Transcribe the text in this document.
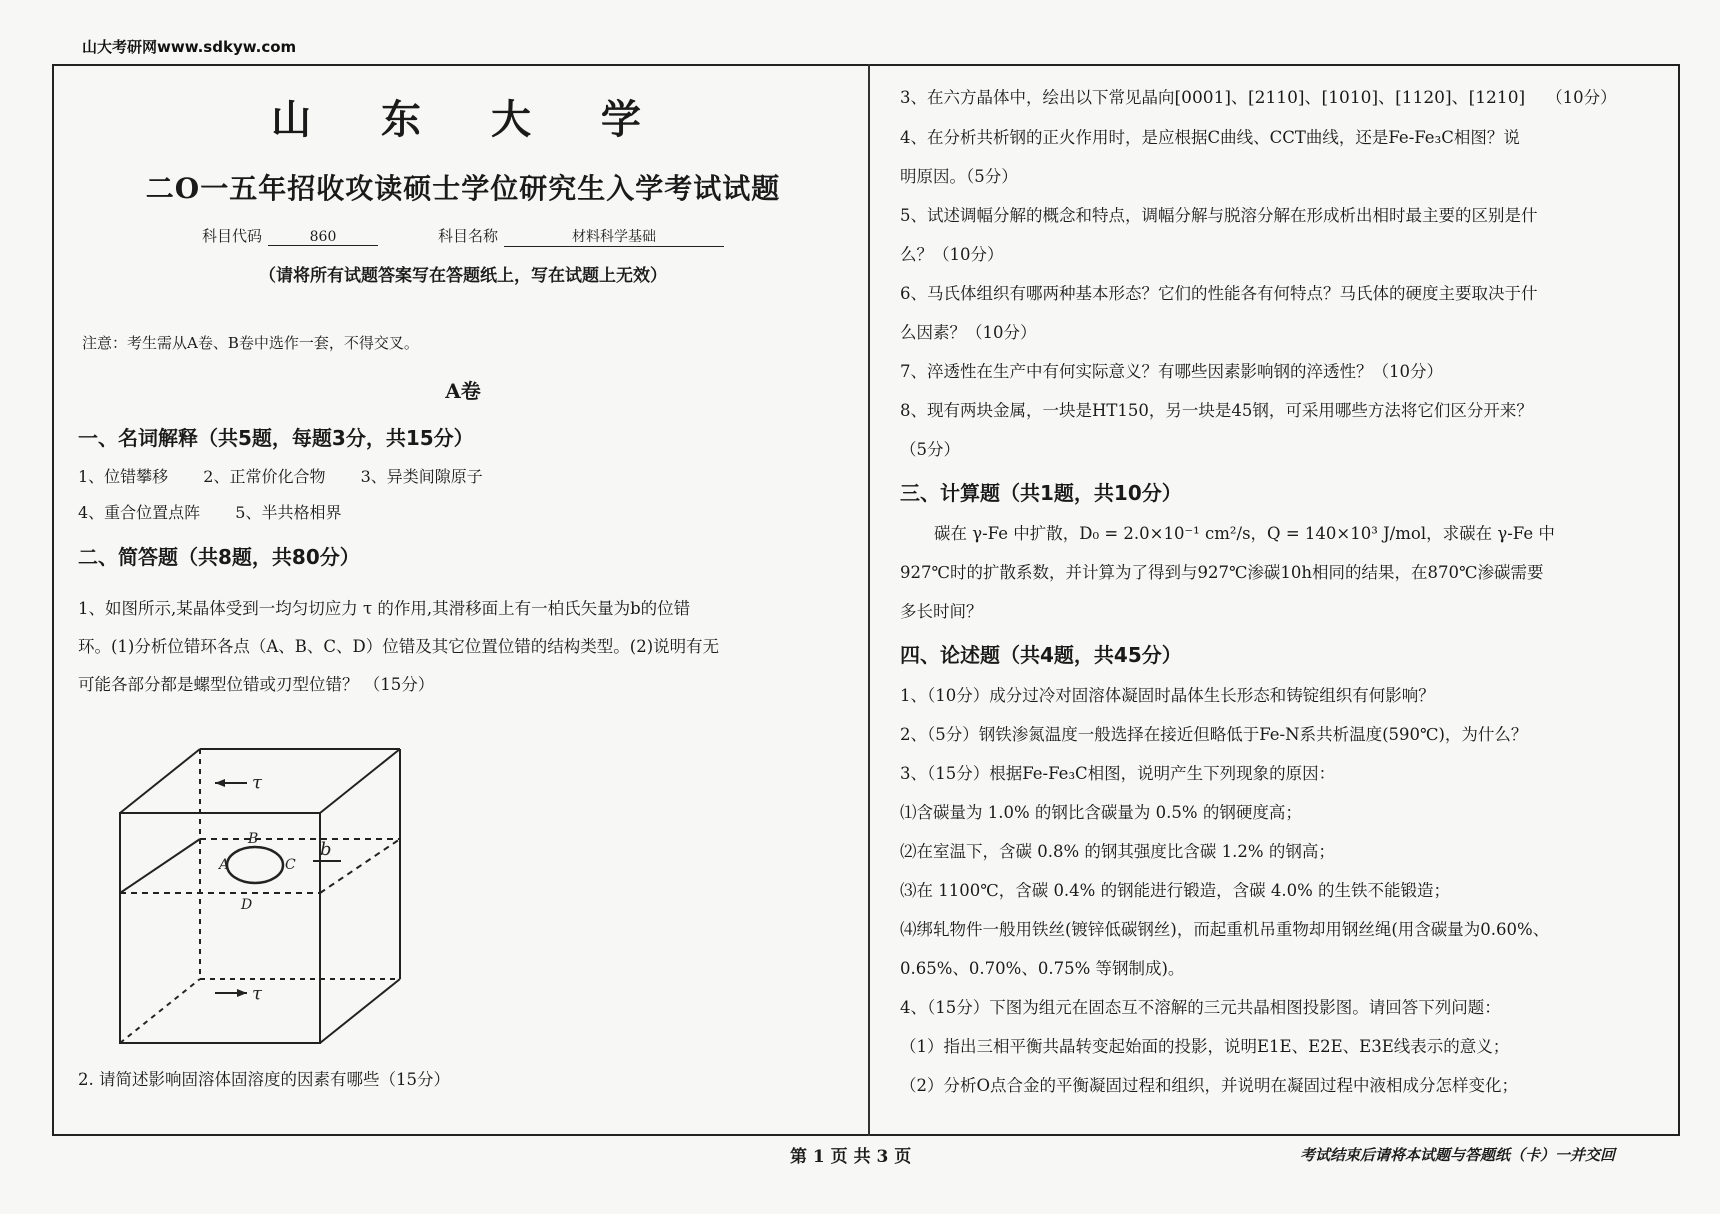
山大考研网www.sdkyw.com
山 东 大 学
二O一五年招收攻读硕士学位研究生入学考试试题
科目代码	860	科目名称	材料科学基础
（请将所有试题答案写在答题纸上，写在试题上无效）
注意：考生需从A卷、B卷中选作一套，不得交叉。
A卷
一、名词解释（共5题，每题3分，共15分）
1、位错攀移 2、正常价化合物 3、异类间隙原子
4、重合位置点阵 5、半共格相界
二、简答题（共8题，共80分）
1、如图所示,某晶体受到一均匀切应力 τ 的作用,其滑移面上有一柏氏矢量为b的位错
环。(1)分析位错环各点（A、B、C、D）位错及其它位置位错的结构类型。(2)说明有无
可能各部分都是螺型位错或刃型位错？ （15分）
τ
τ
b
A
B
C
D
2. 请简述影响固溶体固溶度的因素有哪些（15分）
3、在六方晶体中，绘出以下常见晶向[0001]、[2110]、[1010]、[1120]、[1210] （10分）
4、在分析共析钢的正火作用时，是应根据C曲线、CCT曲线，还是Fe-Fe₃C相图？说
明原因。（5分）
5、试述调幅分解的概念和特点，调幅分解与脱溶分解在形成析出相时最主要的区别是什
么？（10分）
6、马氏体组织有哪两种基本形态？它们的性能各有何特点？马氏体的硬度主要取决于什
么因素？（10分）
7、淬透性在生产中有何实际意义？有哪些因素影响钢的淬透性？（10分）
8、现有两块金属，一块是HT150，另一块是45钢，可采用哪些方法将它们区分开来？
（5分）
三、计算题（共1题，共10分）
碳在 γ-Fe 中扩散，D₀ = 2.0×10⁻¹ cm²/s，Q = 140×10³ J/mol，求碳在 γ-Fe 中
927℃时的扩散系数，并计算为了得到与927℃渗碳10h相同的结果，在870℃渗碳需要
多长时间？
四、论述题（共4题，共45分）
1、（10分）成分过冷对固溶体凝固时晶体生长形态和铸锭组织有何影响？
2、（5分）钢铁渗氮温度一般选择在接近但略低于Fe-N系共析温度(590℃)，为什么？
3、（15分）根据Fe-Fe₃C相图，说明产生下列现象的原因：
⑴含碳量为 1.0% 的钢比含碳量为 0.5% 的钢硬度高；
⑵在室温下，含碳 0.8% 的钢其强度比含碳 1.2% 的钢高；
⑶在 1100℃，含碳 0.4% 的钢能进行锻造，含碳 4.0% 的生铁不能锻造；
⑷绑轧物件一般用铁丝(镀锌低碳钢丝)，而起重机吊重物却用钢丝绳(用含碳量为0.60%、
0.65%、0.70%、0.75% 等钢制成)。
4、（15分）下图为组元在固态互不溶解的三元共晶相图投影图。请回答下列问题：
（1）指出三相平衡共晶转变起始面的投影，说明E1E、E2E、E3E线表示的意义；
（2）分析O点合金的平衡凝固过程和组织，并说明在凝固过程中液相成分怎样变化；
第 1 页 共 3 页	考试结束后请将本试题与答题纸（卡）一并交回
